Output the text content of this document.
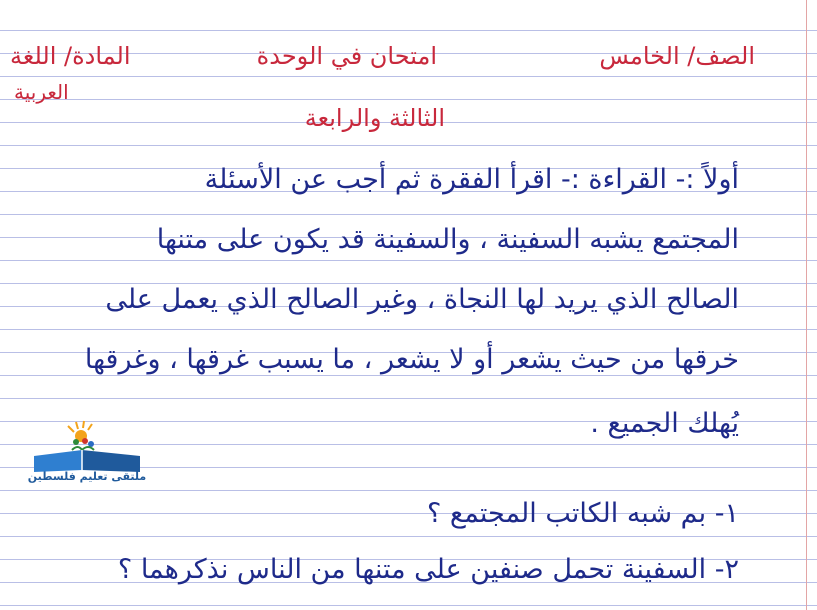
الصف/ الخامس
امتحان في الوحدة
المادة/ اللغة
العربية
الثالثة والرابعة
أولاً :- القراءة :- اقرأ الفقرة ثم أجب عن الأسئلة
المجتمع يشبه السفينة ، والسفينة قد يكون على متنها
الصالح الذي يريد لها النجاة ، وغير الصالح الذي يعمل على
خرقها من حيث يشعر أو لا يشعر ، ما يسبب غرقها ، وغرقها
يُهلك الجميع .
١- بم شبه الكاتب المجتمع ؟
٢- السفينة تحمل صنفين على متنها من الناس نذكرهما ؟
ملتقى تعليم فلسطين
